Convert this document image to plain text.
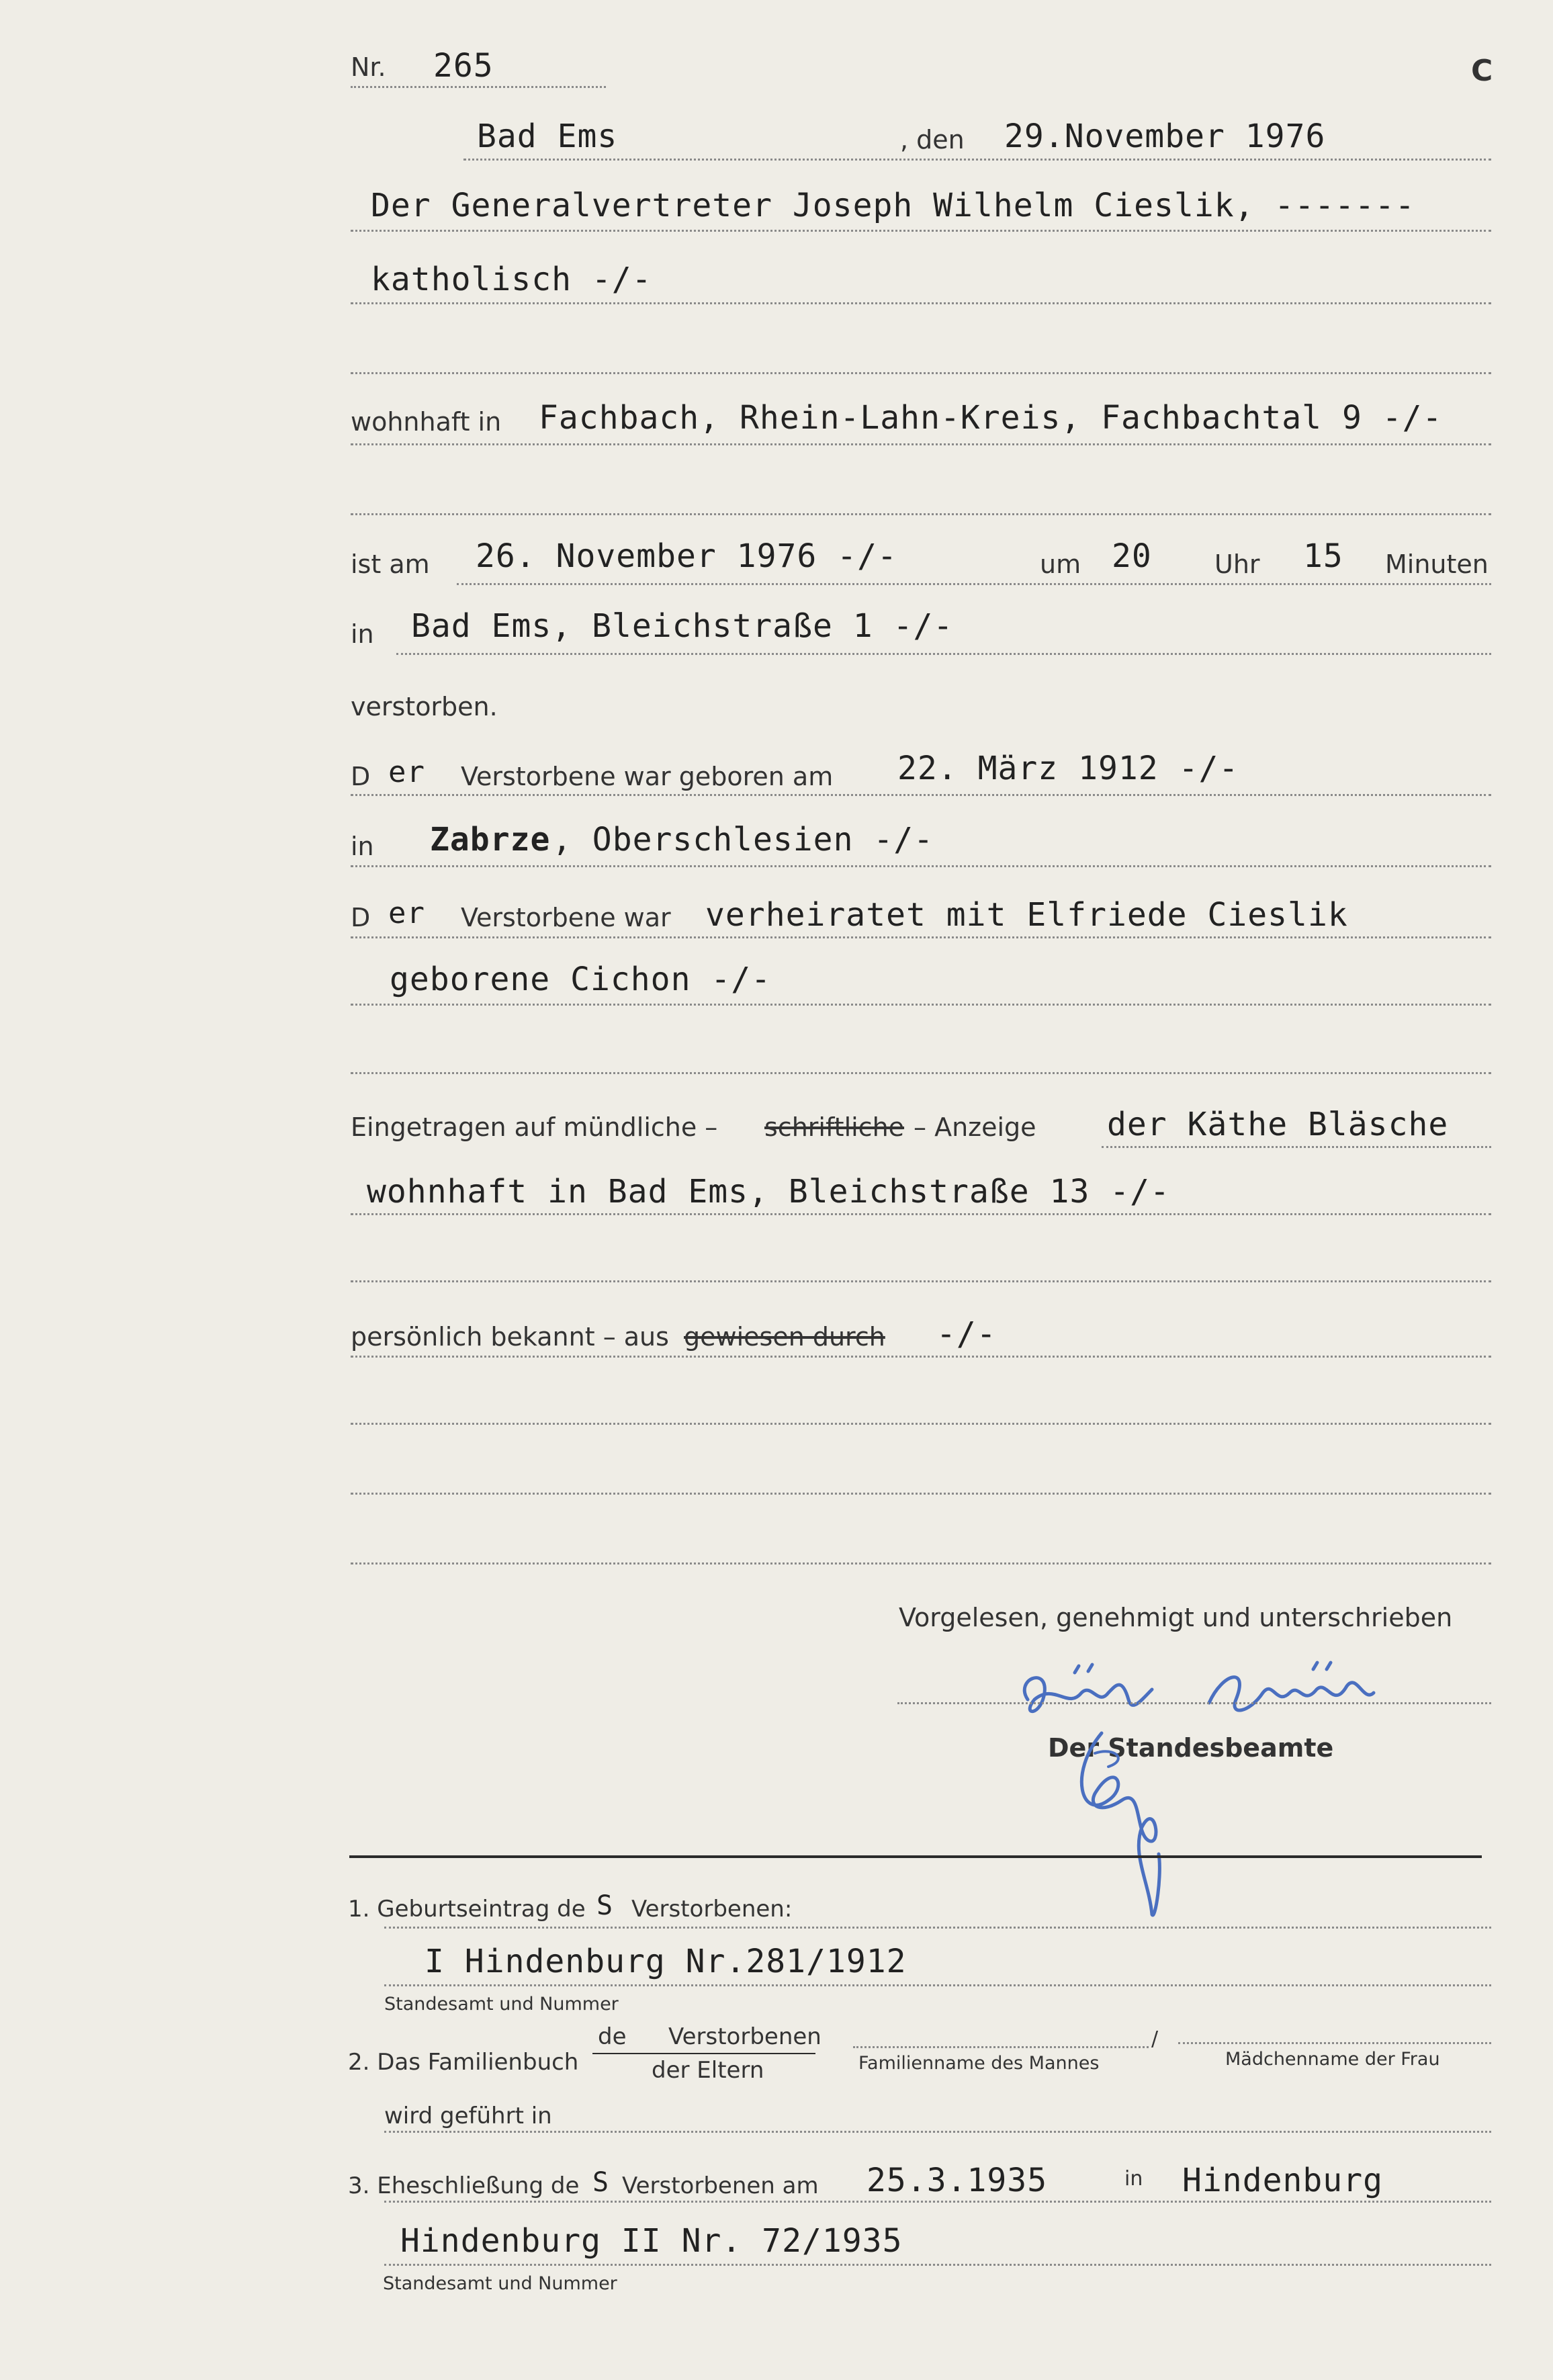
Nr. 265	C
Bad Ems	, den 29.November 1976
Der Generalvertreter Joseph Wilhelm Cieslik, -------
katholisch -/-
wohnhaft in Fachbach, Rhein-Lahn-Kreis, Fachbachtal 9 -/-
ist am 26. November 1976 -/-	um 20 Uhr 15 Minuten
in Bad Ems, Bleichstraße 1 -/-
verstorben.
D er Verstorbene war geboren am 22. März 1912 -/-
in Zabrze , Oberschlesien -/-
D er Verstorbene war verheiratet mit Elfriede Cieslik
geborene Cichon -/-
Eingetragen auf mündliche – schriftliche – Anzeige der Käthe Bläsche
wohnhaft in Bad Ems, Bleichstraße 13 -/-
persönlich bekannt – aus gewiesen durch -/-
Vorgelesen, genehmigt und unterschrieben
Der Standesbeamte
1. Geburtseintrag de S Verstorbenen:
I Hindenburg Nr.281/1912
Standesamt und Nummer
2. Das Familienbuch
de Verstorbenen
der Eltern	Familienname des Mannes
/
Mädchenname der Frau
wird geführt in
3. Eheschließung de S Verstorbenen am 25.3.1935	in Hindenburg
Hindenburg II Nr. 72/1935
Standesamt und Nummer
